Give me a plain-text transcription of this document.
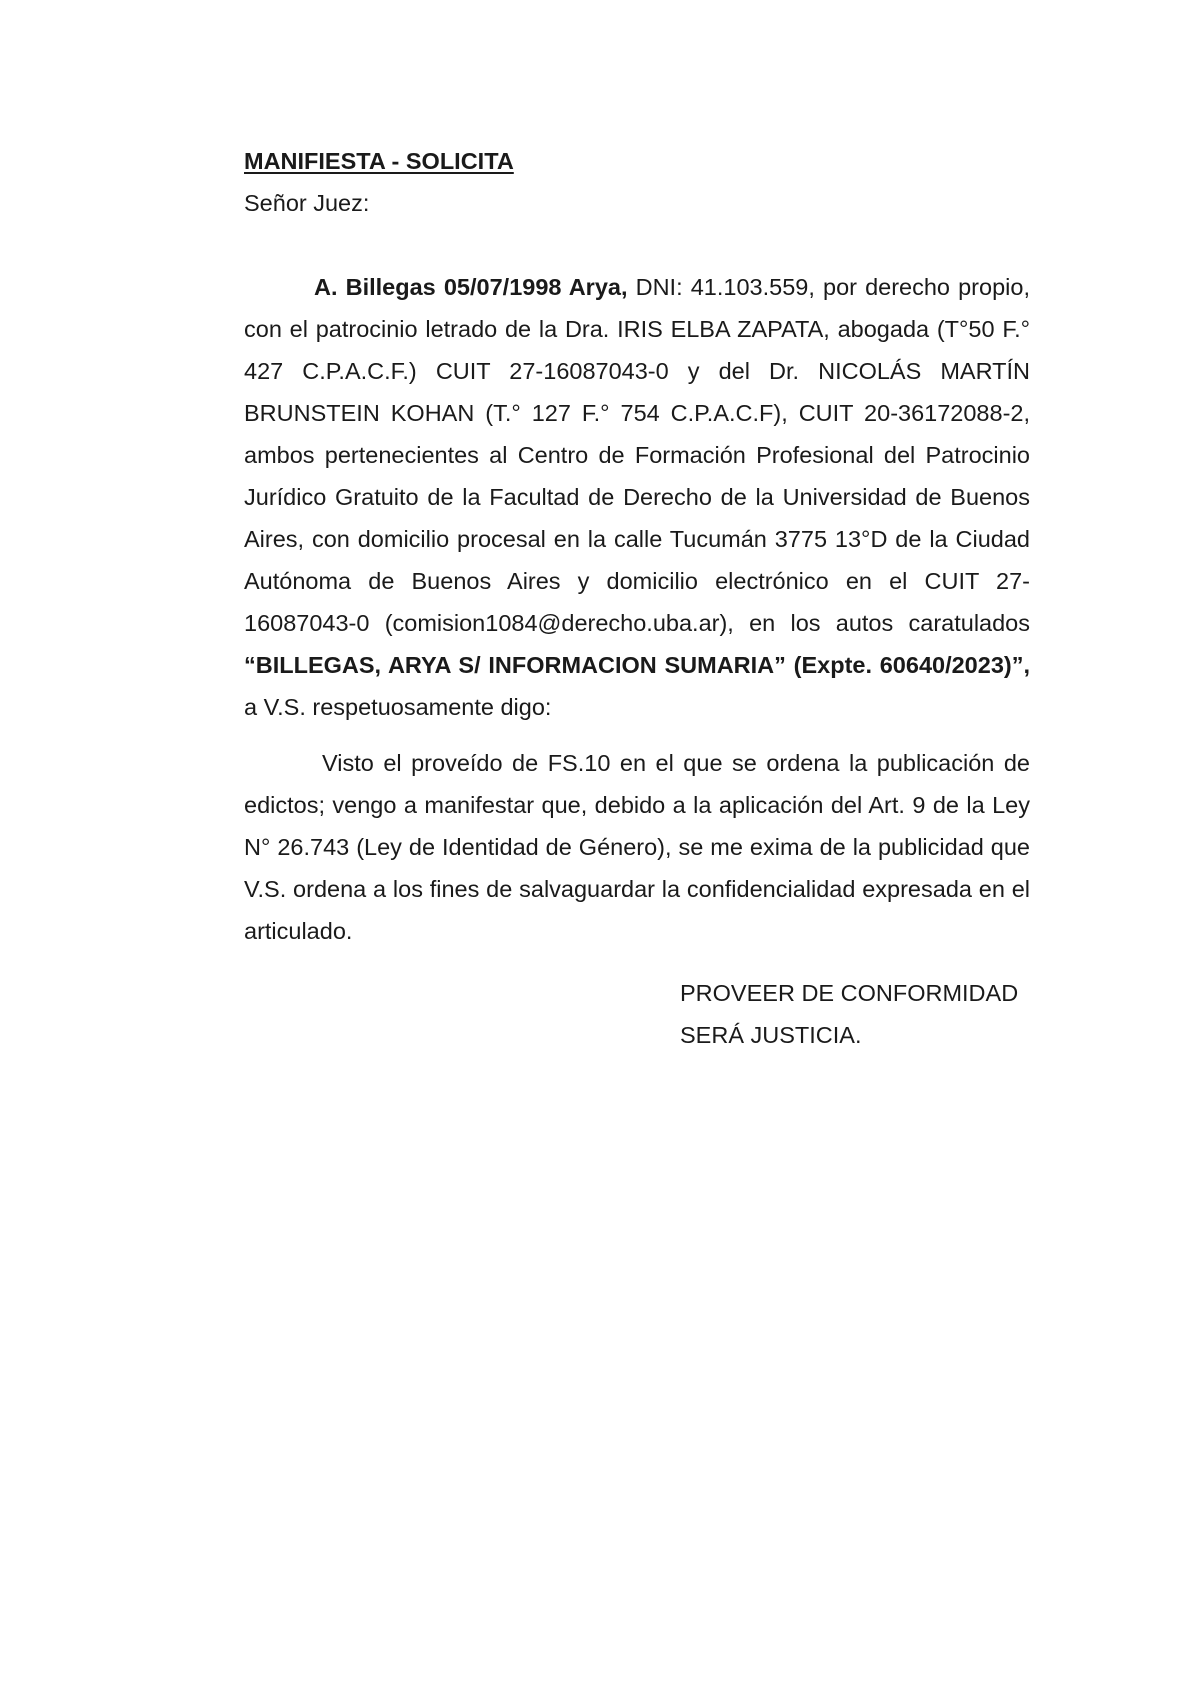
MANIFIESTA - SOLICITA

Señor Juez:

A. Billegas 05/07/1998 Arya, DNI: 41.103.559, por derecho propio, con el patrocinio letrado de la Dra. IRIS ELBA ZAPATA, abogada (T°50 F.° 427 C.P.A.C.F.) CUIT 27-16087043-0 y del Dr. NICOLÁS MARTÍN BRUNSTEIN KOHAN (T.° 127 F.° 754 C.P.A.C.F), CUIT 20-36172088-2, ambos pertenecientes al Centro de Formación Profesional del Patrocinio Jurídico Gratuito de la Facultad de Derecho de la Universidad de Buenos Aires, con domicilio procesal en la calle Tucumán 3775 13°D de la Ciudad Autónoma de Buenos Aires y domicilio electrónico en el CUIT 27-16087043-0 (comision1084@derecho.uba.ar), en los autos caratulados “BILLEGAS, ARYA S/ INFORMACION SUMARIA” (Expte. 60640/2023)”, a V.S. respetuosamente digo:

Visto el proveído de FS.10 en el que se ordena la publicación de edictos; vengo a manifestar que, debido a la aplicación del Art. 9 de la Ley N° 26.743 (Ley de Identidad de Género), se me exima de la publicidad que V.S. ordena a los fines de salvaguardar la confidencialidad expresada en el articulado.

PROVEER DE CONFORMIDAD
SERÁ JUSTICIA.
